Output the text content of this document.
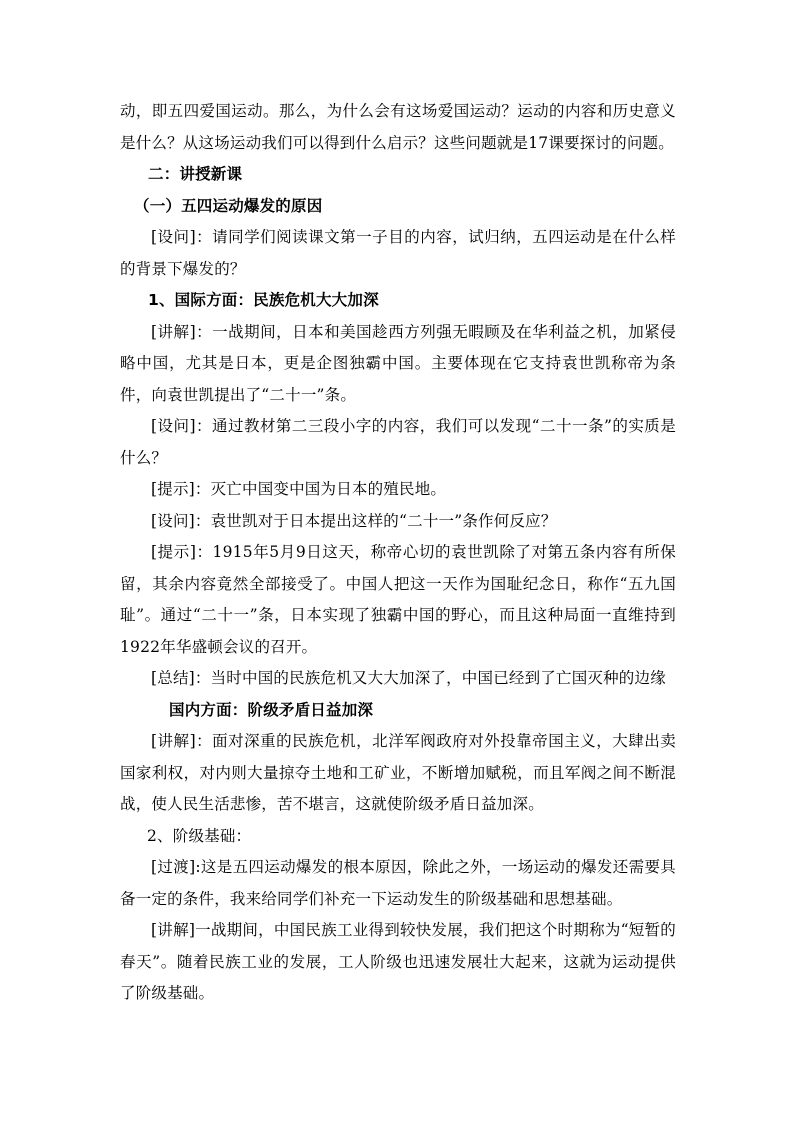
动，即五四爱国运动。那么，为什么会有这场爱国运动？运动的内容和历史意义是什么？从这场运动我们可以得到什么启示？这些问题就是17课要探讨的问题。

二：讲授新课

（一）五四运动爆发的原因

[设问]：请同学们阅读课文第一子目的内容，试归纳，五四运动是在什么样的背景下爆发的？

1、国际方面：民族危机大大加深

[讲解]：一战期间，日本和美国趁西方列强无暇顾及在华利益之机，加紧侵略中国，尤其是日本，更是企图独霸中国。主要体现在它支持袁世凯称帝为条件，向袁世凯提出了“二十一”条。

[设问]：通过教材第二三段小字的内容，我们可以发现“二十一条”的实质是什么？

[提示]：灭亡中国变中国为日本的殖民地。

[设问]：袁世凯对于日本提出这样的“二十一”条作何反应？

[提示]：1915年5月9日这天，称帝心切的袁世凯除了对第五条内容有所保留，其余内容竟然全部接受了。中国人把这一天作为国耻纪念日，称作“五九国耻”。通过“二十一”条，日本实现了独霸中国的野心，而且这种局面一直维持到1922年华盛顿会议的召开。

[总结]：当时中国的民族危机又大大加深了，中国已经到了亡国灭种的边缘

国内方面：阶级矛盾日益加深

[讲解]：面对深重的民族危机，北洋军阀政府对外投靠帝国主义，大肆出卖国家利权，对内则大量掠夺土地和工矿业，不断增加赋税，而且军阀之间不断混战，使人民生活悲惨，苦不堪言，这就使阶级矛盾日益加深。

2、阶级基础：

[过渡]:这是五四运动爆发的根本原因，除此之外，一场运动的爆发还需要具备一定的条件，我来给同学们补充一下运动发生的阶级基础和思想基础。

[讲解]一战期间，中国民族工业得到较快发展，我们把这个时期称为“短暂的春天”。随着民族工业的发展，工人阶级也迅速发展壮大起来，这就为运动提供了阶级基础。
